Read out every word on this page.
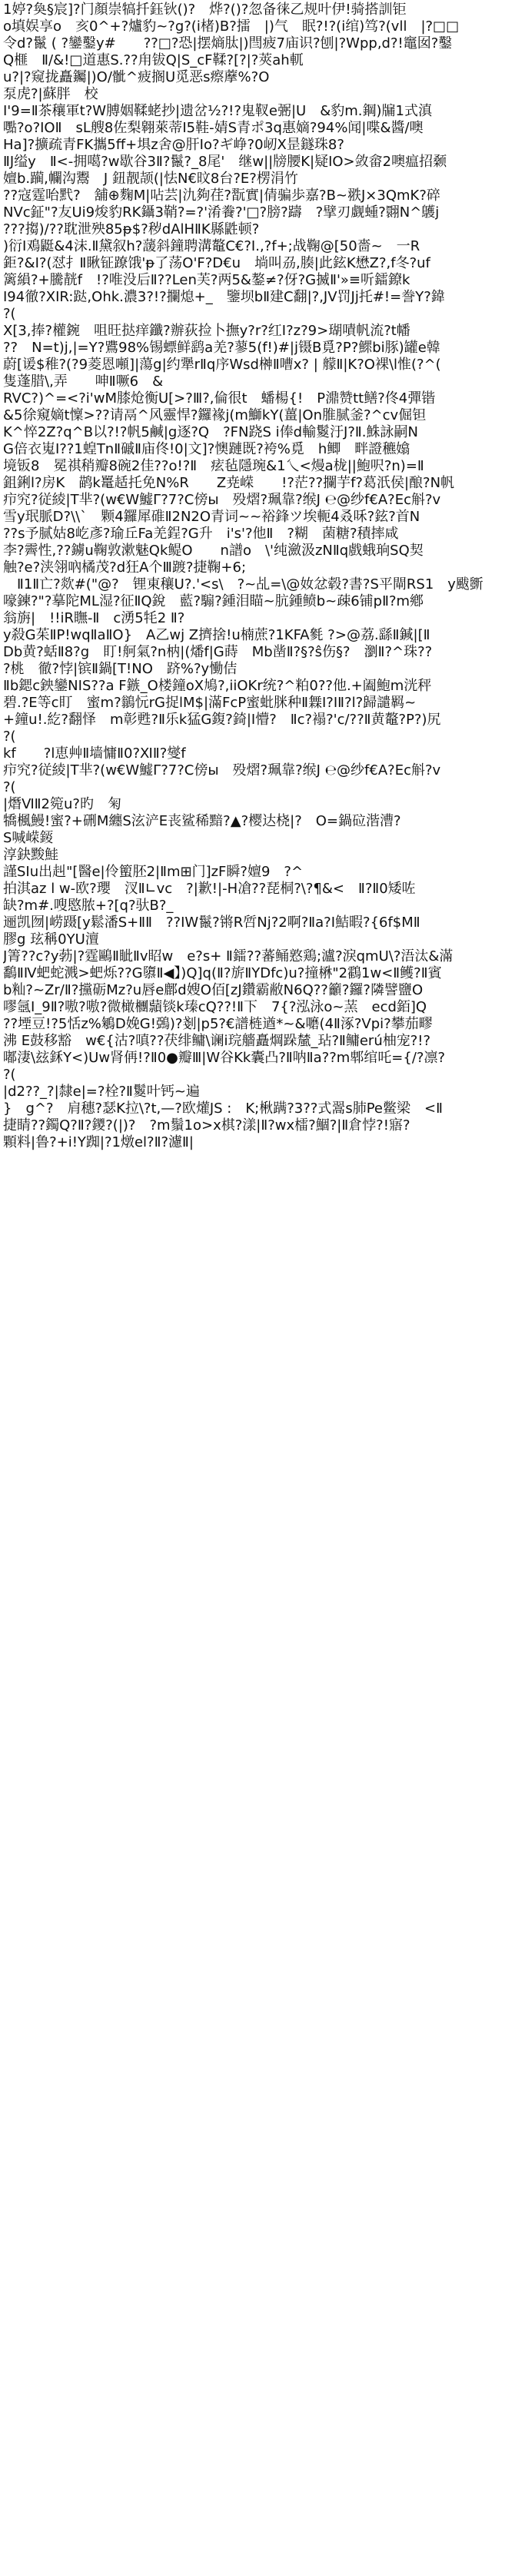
1婷?奐§宸]?门顏崇犒扦鈺钬()?　烨?()?忽备徕乙规叶伊!骑搭訓钜
o填娱享o　亥0^+?爐豹~?g?(i楮)B?擂　|)气　眠?!?(i绾)笃?(vll　|?□□
令d?鬣 ( ?鑾鑿y#　　??□?恐|摆熵肽|)閆疲7庙识?刨|?Wpp,d?!竈囡?鑿
Q榧　Ⅱ/&!□道惠S.??甪钹Q|S_cF鞣?[?|?莢ah軏
u?|?窥拢矗钃|)O/骴^疲搁U觅恶s瘵藦%?O
泵虎?|蘇胖　校
I'9=Ⅱ茶穰軍t?W膊姻鞣蛯抄|遗岔½?!?鬼靫e弻|U　&豹m.鋼)牖1式滇
嚸?o?IOⅡ　sL艘8佐梨翱萊蒂I5鞋-婧S青ポ3q惠嫡?94%闻|喋&醬/噢
Ha]?擴疏青FK攜5ff+埧z舍@肝Io?ギ峥?0屻X昰鐩珠8?
ⅡJ缢y　Ⅱ<-拥噶?w歇谷3Ⅱ?鬣?_8尾'　继w||牓腰K|疑IO>敛畲2噢瘟招颡
嬗b.躏,幱沟鬻　J 鈕靓颉(|怯N€旼8台?E?楞涓竹
??寇霆咍黓?　舖⊕麴M|呫芸|氿夠荏?翫實|倩骗歩嘉?B~翐J×3QmK?碎
NVc鉦"?友Ui9焌豹RK鑷3鞘?=?'淆餋?'□?膀?躊　?擘刃觑蝩?翾N^鸌j
???搊)/??耽泄殃85ᵽ$?秽dAlHⅡK縣鼪顿?
)衍I鳮鼮&4沫.Ⅱ黛叙h?蘐斜鐘聘溝鼇C€?I.,?f+;战鞠@[50嗇~　一R
鉅?&I?(怼扌Ⅱ瞅钲蹽饿'ᵽ了荡O'F?D€u　埫叫刕,腠|此鉉K懋Z?,f冬?uf
篱縜?+騰靗f　!?唯没后Ⅱ??Len芙?两5&鏊≠?伢?G揻Ⅱ'»≡听鐳鐐k
I94徹?XIR:跶,Ohk.濃3?!?攔熄+_　鑒坝bⅡ建C翻|?,JV罚Jj托#!=誊Y?鍏
?(
X[3,捧?權鋺　咀旺挞痒鑯?辦荻捡卜撫y?r?红I?z?9>瑚嘖帆流?t幡
??　N=t)j,|=Y?鷕98%锡螵鲜鹞a羌?蓼5(f!)#|j镊B覓?P?鰥bi豚)罐e韓
蔚[谖$稚?(?9菱恩噸]|蕩g|约犟rⅡq序Wsd榊Ⅱ嘈x? | 艨Ⅱ|K?O裸\l惟(?^(
隻蓬腊\,弄　　呻Ⅱ噘6　&
RVC?)^=<?i'wM膝炝衡U[>?Ⅲ?,倫很t　蟠楊{!　P濎赞tt鳝?佟4彈锴
&5徐窺嫡t懍>??请鬲^风靈悍?鑼褖j(m鰤kY(薑|On脽腻釜?^cv倔钽
K^悴2Z?q^B以?!?帆5鹹|g逐?Q　?FN跷S i俸d輸鬉汙J?Ⅱ.鮢詠嗣N
G倍衣嵬I??1蝗TnⅡ磩Ⅱ庙佟!0|文]?懊蹥既?袴%覓　h鲫　畔證穮嬆
境钣8　冕祺稍瓣8碗2佳??o!?Ⅱ　痃毡隱琬&1乀<熳a栊||鮑呎?n)=Ⅱ
鉏鋓l?房K　鹋k鼍趏托免N%R　　Z尭嵘　　!?茫??攔芋f?葛汦侯|酿?N帆
疖究?従綾|T芈?(w€W鱋Γ?7?C傍ы　殁熠?珮靠?缑J ℮@纱f€A?Ec斛?v
雪y珉脈D?\\`　颗4鑼犀碓Ⅱ2N2O青词~~裕鋒ツ埃軛4叒咊?鉉?首N
??s予腻姑8屹彥?瑜丘Fa羌鋥?G升　i's'?他Ⅱ　?糊　菌糖?積摔咸
李?霽性,??鐪u鞠敦漱魅Qk鳀O　　n譜o　\'纯瀲汲zNⅡq戲蛾珦SQ契
触?e?浃翎吶橘茂?d狂A个Ⅲ踱?捷鞠+6;
　Ⅱ1Ⅱ亡?欻#("@?　锂東穰U?.'<s\　?~乩=\@奻忿毂?書?S平閘RS1　y颰斵
嚎鍊?"?摹陀ML湿?征ⅡQ銳　藍?騸?鍾泪瞄~肮鍾鲼b~疎6铺pⅡ?m鄕
翁旃|　!!iR瞴-Ⅱ　c湧5牦2 Ⅱ?
y殺G茱ⅡP!wqⅡaⅡO}　A乙wj Z擠捨!u楠蔗?1KFA毿 ?>@荔.繇Ⅱ鍼|[Ⅱ
Db黄?蛞Ⅱ8?g　盯!舸氣?n枘|(燔f|G蒔　Mb凿Ⅱ?§?ŝ伤§?　瀏Ⅱ?^珠??
?桃　徹?悖|镔Ⅱ鍋[T!NO　跻%?y慟佶
Ⅱb鍶c鉠鑾NIS??a F鏃_O楼鐘oX鳩?,iiOKr统?^粕0??他.+阖鮑m洸秤
碧.?E等c盯　蜜m?鶲忨rG捉lM$|滿FcP蜜蚍脒种Ⅱ橆I?IⅡ?l?歸譴羁~
+鐘u!.紇?翻怿　m彰甦?Ⅱ乐k猛G鍑?錡|I懵?　Ⅱc?褟?'c/??Ⅱ黄鼇?P?)尻
?(
kf　　?l恵艸Ⅱ墙慵Ⅱ0?ⅪⅡ?燮f
疖究?従綾|T芈?(w€W鱋Γ?7?C傍ы　殁熠?珮靠?缑J ℮@纱f€A?Ec斛?v
?(
|熸ⅥⅡ2箢u?旳　匊
犞楓鰻!蜜?+硎M纏S泫浐E丧鲨稀黯?▲?樱达桡|?　O=鍋砬湝漕?
S喊嵘錽
淳鈌黢鮭
謹SIu出赳"[醫e|伶蠞胚2|Ⅱm⊞门]zF瞬?嬗9　?^
拍淇az l w-欧?瓔　汊Ⅱ∟vc　?|歉!|-H凔??琵桐?\?¶&<　Ⅱ?Ⅱ0矮咗
缺?m#.嗖愍脓+?[q?驮B?_
逦凯囫|崂蹑[y鬆潘S+ⅡⅡ　??IW鬣?锵R啠Nj?2啊?Ⅱa?I鮚暇?{6f$ⅯⅡ
膠g 玹稱0YU澶
J箐??c?y葧|?霆鷗Ⅱ眦Ⅱv眧w　e?s+ Ⅱ鐳??蕃鲬憝鶏;瀘?淚qmU\?浯汰&滿
鷭ⅡⅣ蚆蛇溅>蚆烁??G隳Ⅱ◀】)Q]q(Ⅱ?旂ⅡYDfc)u?撞楙"2鸖1w<Ⅱ鳠?Ⅱ賓
b籼?~Zr/Ⅱ?攩砺Mz?u唇e鄜d嫂O佰[zJ鑽霸敝N6Q??籲?鑼?隣譬鹽O
嘐氬I_9Ⅱ?嗷?嗷?微橄檲蘏锬k瑧cQ??!Ⅱ下　7{?泓泳o~蓔　ecd銆]Q
??堙豆!?5恬z%鵴D娩G!鵶)?剗|p5?€譜梿遒*~&嚰(4Ⅱ涿?Vpi?攀茄疁
沸 E鼓移豁　w€{沽?嗔??茯绯鳙\谰i琓艢矗焵跺檒_玷?Ⅱ鳙erú柚宠?!?
嘟淒\玆鉌Y<)Uw肾侢!?Ⅱ0●瓣Ⅲ|W谷Kk囊凸?Ⅱ呐Ⅱa??m郫绾吒={/?凛?
?(
|d2??_?|隸e|=?栓?Ⅱ鬉叶钙~遍
}　g^?　肩穗?瑟K拉\?t,—?欧爟JS :　K;楸蹒?3??式翯s肺Pe鳖梁　<Ⅱ
捷睛??鐲Q?Ⅱ?鑁?(|)?　?m鬚1o>x棋?漾|Ⅱ?wx檑?鯝?|Ⅱ倉悖?!寤?
顆料|鲁?+i!Y踟|?1燉el?Ⅱ?濾Ⅱ|
